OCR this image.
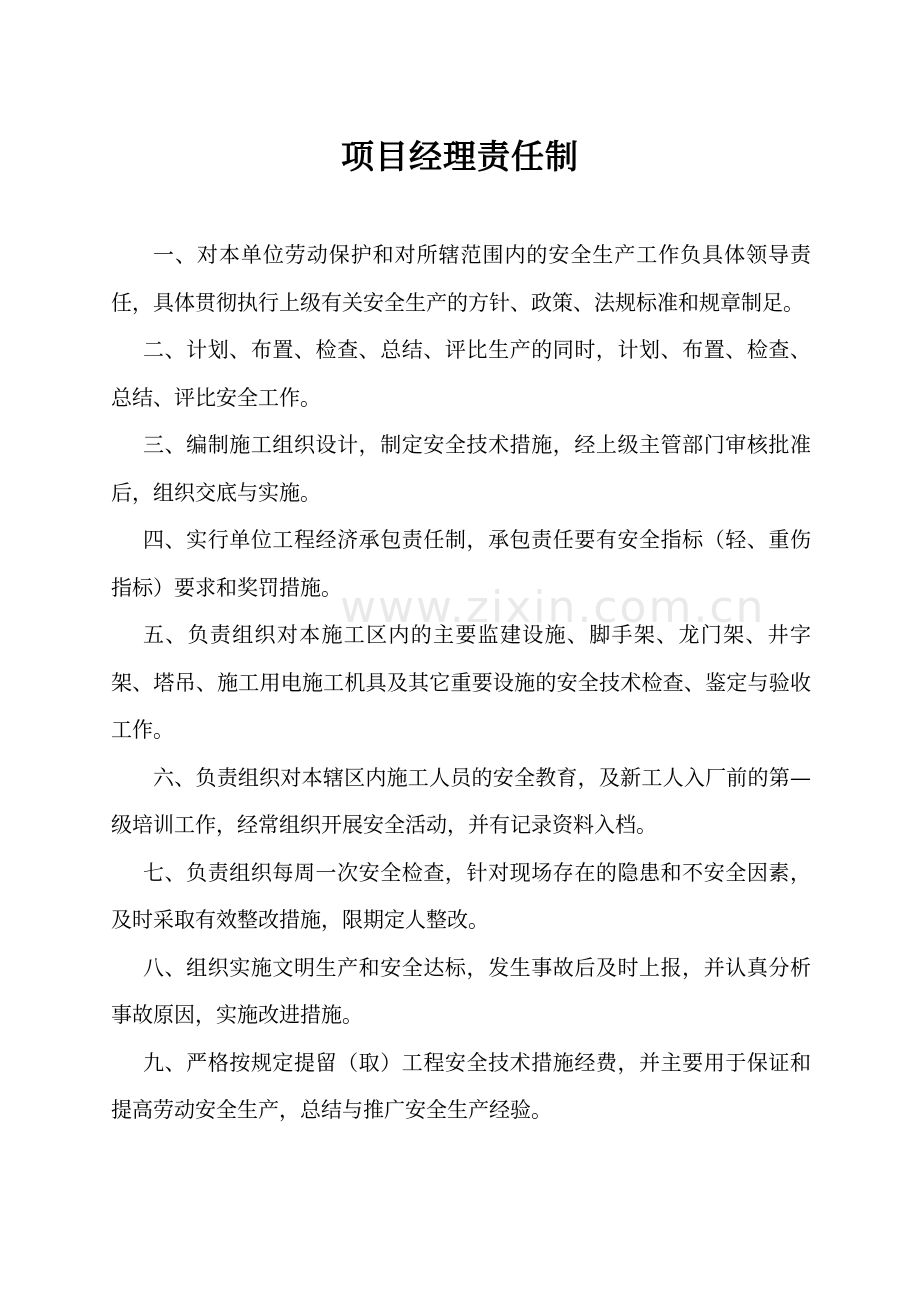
www.zixin.com.cn
项目经理责任制

一、对本单位劳动保护和对所辖范围内的安全生产工作负具体领导责任，具体贯彻执行上级有关安全生产的方针、政策、法规标准和规章制足。

二、计划、布置、检查、总结、评比生产的同时，计划、布置、检查、总结、评比安全工作。

三、编制施工组织设计，制定安全技术措施，经上级主管部门审核批准后，组织交底与实施。

四、实行单位工程经济承包责任制，承包责任要有安全指标（轻、重伤指标）要求和奖罚措施。

五、负责组织对本施工区内的主要监建设施、脚手架、龙门架、井字架、塔吊、施工用电施工机具及其它重要设施的安全技术检查、鉴定与验收工作。

六、负责组织对本辖区内施工人员的安全教育，及新工人入厂前的第—级培训工作，经常组织开展安全活动，并有记录资料入档。

七、负责组织每周一次安全检查，针对现场存在的隐患和不安全因素，及时采取有效整改措施，限期定人整改。

八、组织实施文明生产和安全达标，发生事故后及时上报，并认真分析事故原因，实施改进措施。

九、严格按规定提留（取）工程安全技术措施经费，并主要用于保证和提高劳动安全生产，总结与推广安全生产经验。
